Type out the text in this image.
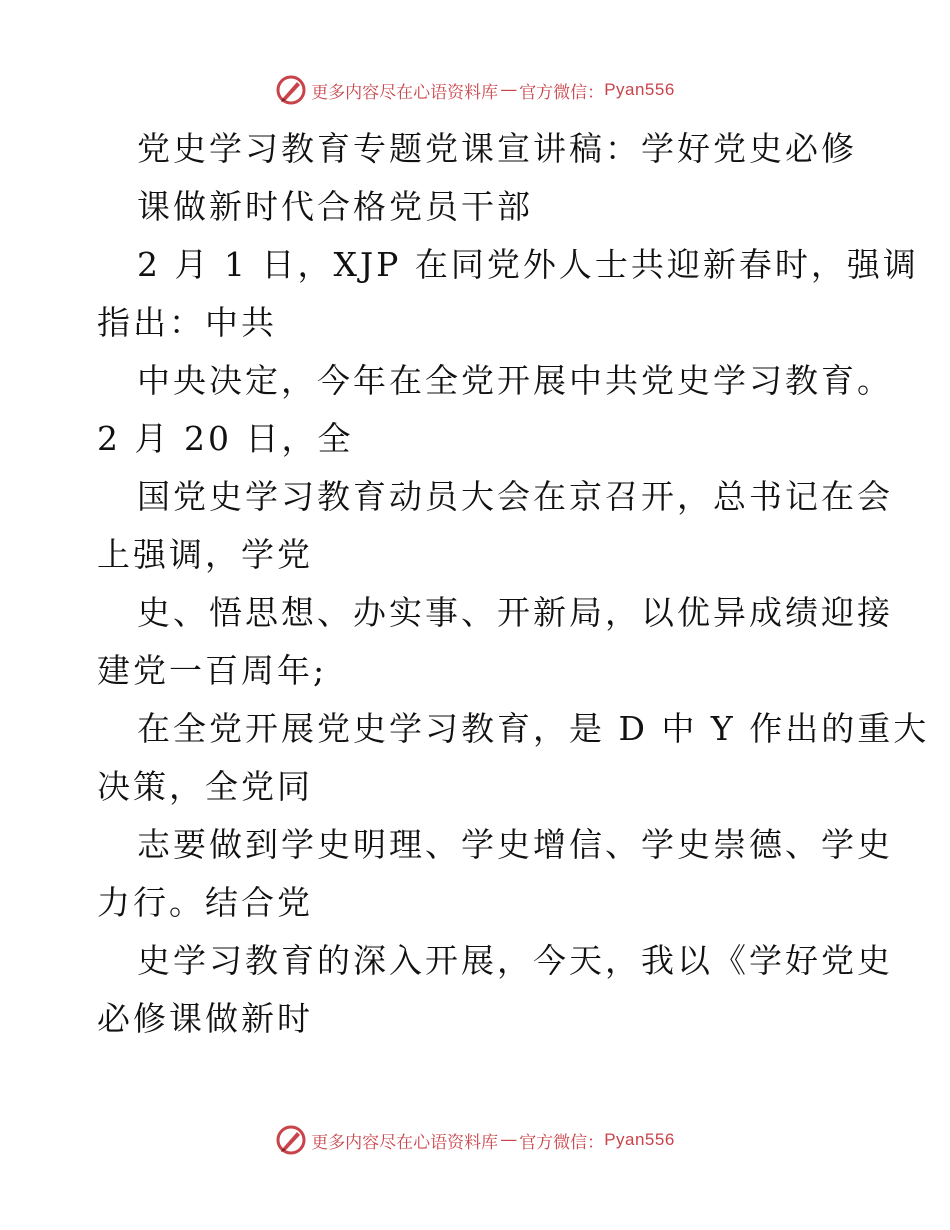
更多内容尽在心语资料库 — 官方微信： Pyan556
党史学习教育专题党课宣讲稿：学好党史必修
课做新时代合格党员干部
2 月 1 日，XJP 在同党外人士共迎新春时，强调
指出：中共
中央决定，今年在全党开展中共党史学习教育。
2 月 20 日，全
国党史学习教育动员大会在京召开，总书记在会
上强调，学党
史、悟思想、办实事、开新局，以优异成绩迎接
建党一百周年;
在全党开展党史学习教育，是 D 中 Y 作出的重大
决策，全党同
志要做到学史明理、学史增信、学史崇德、学史
力行。结合党
史学习教育的深入开展，今天，我以《学好党史
必修课做新时
更多内容尽在心语资料库 — 官方微信： Pyan556
